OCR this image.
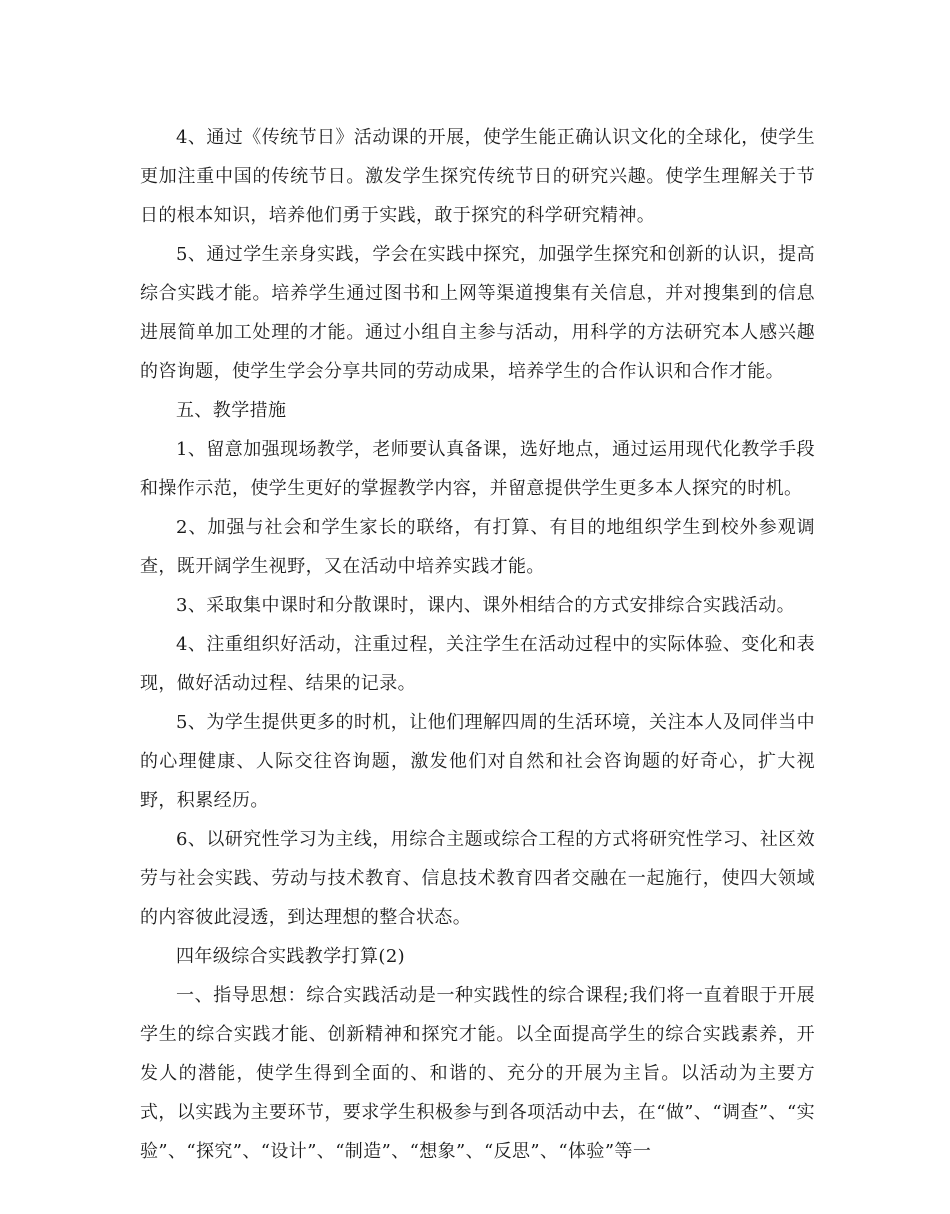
4、通过《传统节日》活动课的开展，使学生能正确认识文化的全球化，使学生更加注重中国的传统节日。激发学生探究传统节日的研究兴趣。使学生理解关于节日的根本知识，培养他们勇于实践，敢于探究的科学研究精神。

5、通过学生亲身实践，学会在实践中探究，加强学生探究和创新的认识，提高综合实践才能。培养学生通过图书和上网等渠道搜集有关信息，并对搜集到的信息进展简单加工处理的才能。通过小组自主参与活动，用科学的方法研究本人感兴趣的咨询题，使学生学会分享共同的劳动成果，培养学生的合作认识和合作才能。

五、教学措施

1、留意加强现场教学，老师要认真备课，选好地点，通过运用现代化教学手段和操作示范，使学生更好的掌握教学内容，并留意提供学生更多本人探究的时机。

2、加强与社会和学生家长的联络，有打算、有目的地组织学生到校外参观调查，既开阔学生视野，又在活动中培养实践才能。

3、采取集中课时和分散课时，课内、课外相结合的方式安排综合实践活动。

4、注重组织好活动，注重过程，关注学生在活动过程中的实际体验、变化和表现，做好活动过程、结果的记录。

5、为学生提供更多的时机，让他们理解四周的生活环境，关注本人及同伴当中的心理健康、人际交往咨询题，激发他们对自然和社会咨询题的好奇心，扩大视野，积累经历。

6、以研究性学习为主线，用综合主题或综合工程的方式将研究性学习、社区效劳与社会实践、劳动与技术教育、信息技术教育四者交融在一起施行，使四大领域的内容彼此浸透，到达理想的整合状态。

四年级综合实践教学打算(2)

一、指导思想：综合实践活动是一种实践性的综合课程;我们将一直着眼于开展学生的综合实践才能、创新精神和探究才能。以全面提高学生的综合实践素养，开发人的潜能，使学生得到全面的、和谐的、充分的开展为主旨。以活动为主要方式，以实践为主要环节，要求学生积极参与到各项活动中去，在“做”、“调查”、“实验”、“探究”、“设计”、“制造”、“想象”、“反思”、“体验”等一
